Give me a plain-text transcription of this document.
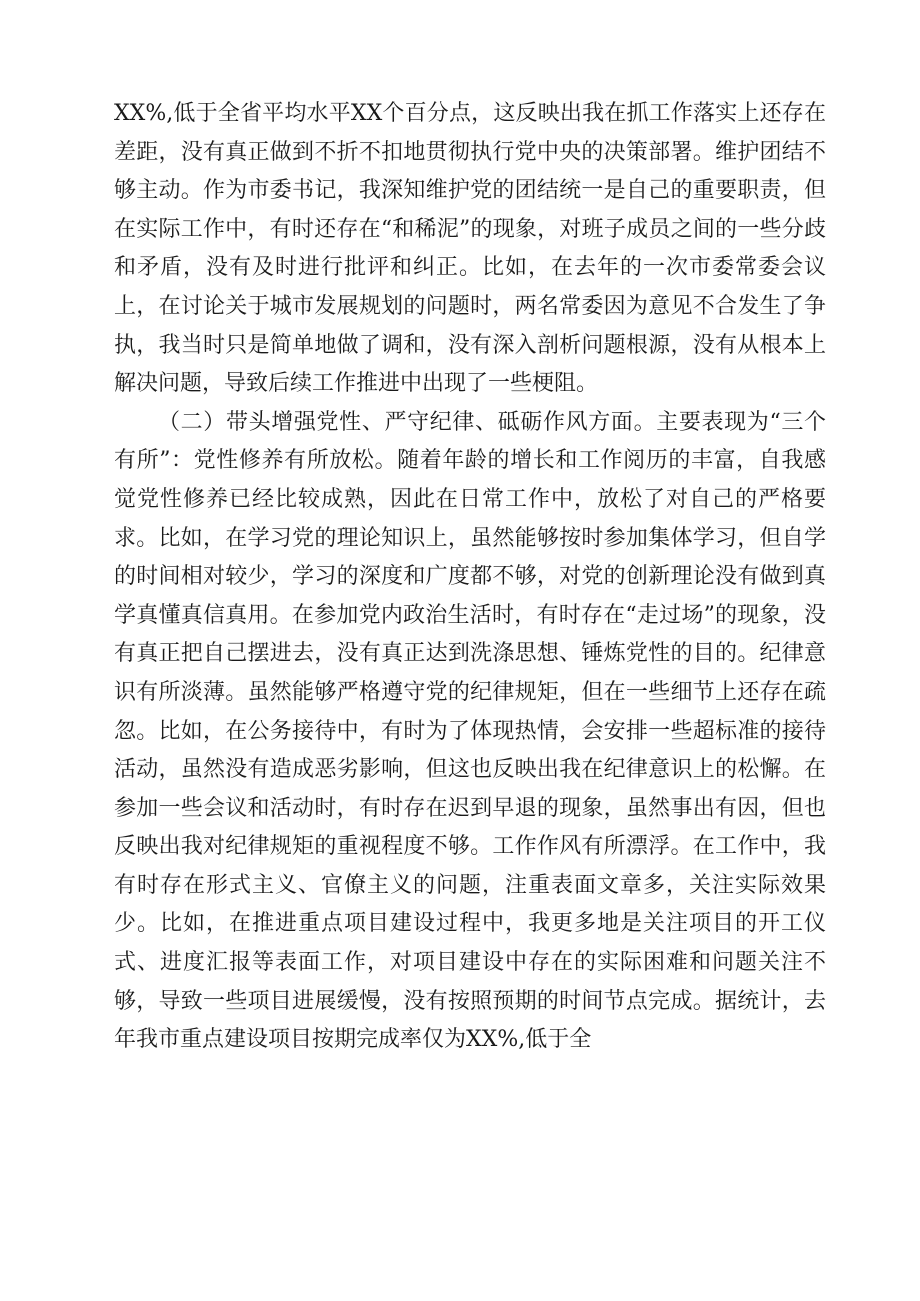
XX%,低于全省平均水平XX个百分点，这反映出我在抓工作落实上还存在差距，没有真正做到不折不扣地贯彻执行党中央的决策部署。维护团结不够主动。作为市委书记，我深知维护党的团结统一是自己的重要职责，但在实际工作中，有时还存在“和稀泥”的现象，对班子成员之间的一些分歧和矛盾，没有及时进行批评和纠正。比如，在去年的一次市委常委会议上，在讨论关于城市发展规划的问题时，两名常委因为意见不合发生了争执，我当时只是简单地做了调和，没有深入剖析问题根源，没有从根本上解决问题，导致后续工作推进中出现了一些梗阻。

（二）带头增强党性、严守纪律、砥砺作风方面。主要表现为“三个有所”：党性修养有所放松。随着年龄的增长和工作阅历的丰富，自我感觉党性修养已经比较成熟，因此在日常工作中，放松了对自己的严格要求。比如，在学习党的理论知识上，虽然能够按时参加集体学习，但自学的时间相对较少，学习的深度和广度都不够，对党的创新理论没有做到真学真懂真信真用。在参加党内政治生活时，有时存在“走过场”的现象，没有真正把自己摆进去，没有真正达到洗涤思想、锤炼党性的目的。纪律意识有所淡薄。虽然能够严格遵守党的纪律规矩，但在一些细节上还存在疏忽。比如，在公务接待中，有时为了体现热情，会安排一些超标准的接待活动，虽然没有造成恶劣影响，但这也反映出我在纪律意识上的松懈。在参加一些会议和活动时，有时存在迟到早退的现象，虽然事出有因，但也反映出我对纪律规矩的重视程度不够。工作作风有所漂浮。在工作中，我有时存在形式主义、官僚主义的问题，注重表面文章多，关注实际效果少。比如，在推进重点项目建设过程中，我更多地是关注项目的开工仪式、进度汇报等表面工作，对项目建设中存在的实际困难和问题关注不够，导致一些项目进展缓慢，没有按照预期的时间节点完成。据统计，去年我市重点建设项目按期完成率仅为XX%,低于全
